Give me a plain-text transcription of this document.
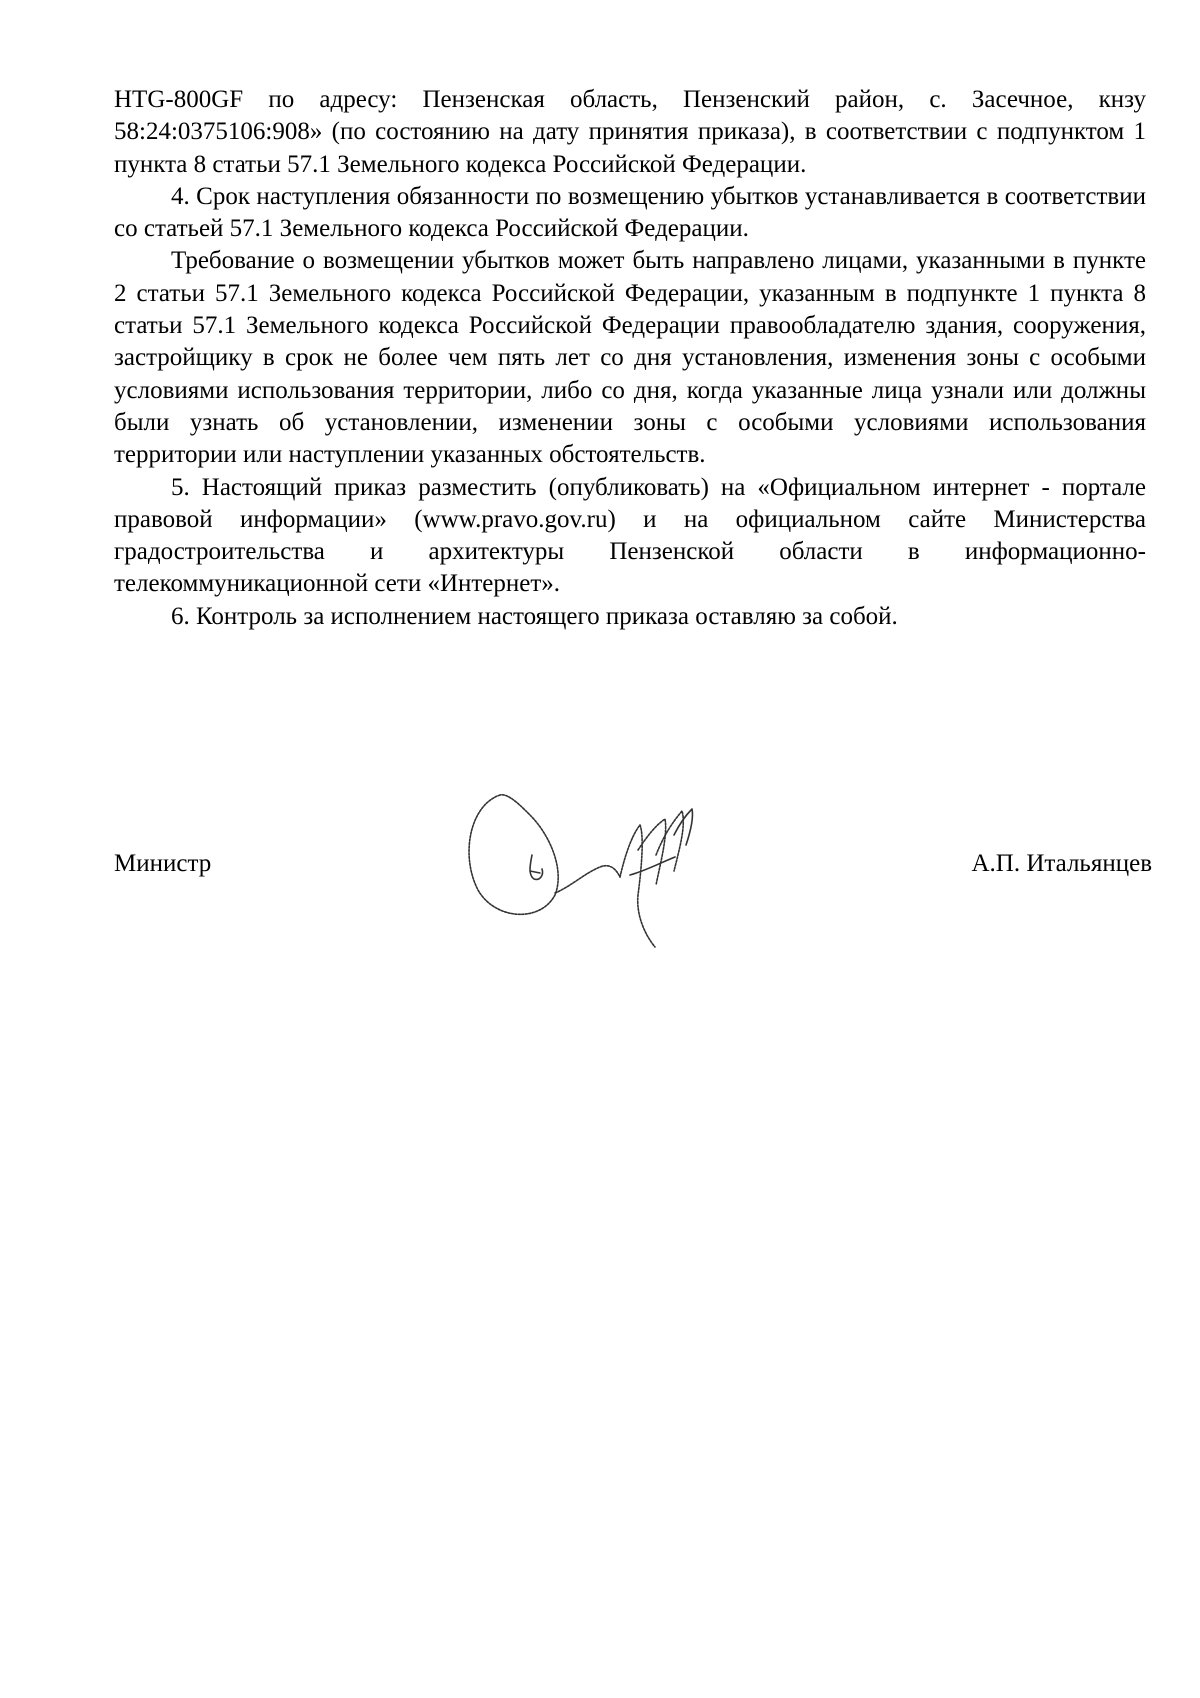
HTG-800GF по адресу: Пензенская область, Пензенский район, с. Засечное, кнзу 58:24:0375106:908» (по состоянию на дату принятия приказа), в соответствии с подпунктом 1 пункта 8 статьи 57.1 Земельного кодекса Российской Федерации.

4. Срок наступления обязанности по возмещению убытков устанавливается в соответствии со статьей 57.1 Земельного кодекса Российской Федерации.

Требование о возмещении убытков может быть направлено лицами, указанными в пункте 2 статьи 57.1 Земельного кодекса Российской Федерации, указанным в подпункте 1 пункта 8 статьи 57.1 Земельного кодекса Российской Федерации правообладателю здания, сооружения, застройщику в срок не более чем пять лет со дня установления, изменения зоны с особыми условиями использования территории, либо со дня, когда указанные лица узнали или должны были узнать об установлении, изменении зоны с особыми условиями использования территории или наступлении указанных обстоятельств.

5. Настоящий приказ разместить (опубликовать) на «Официальном интернет - портале правовой информации» (www.pravo.gov.ru) и на официальном сайте Министерства градостроительства и архитектуры Пензенской области в информационно-телекоммуникационной сети «Интернет».

6. Контроль за исполнением настоящего приказа оставляю за собой.

Министр	А.П. Итальянцев
